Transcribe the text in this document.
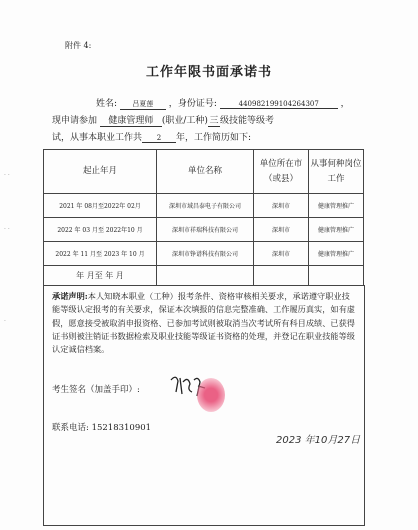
· ·
· ·
·
附件 4:
工作年限书面承诺书
姓名: 吕夏莲 ，身份证号:	440982199104264307 ，
现申请参加 健康管理师 (职业/工种)三 级技能等级考
试，从事本职业工作共 2 年，工作简历如下:
起止年月	单位名称	单位所在市（或县）	从事何种岗位工作
2021 年 08月至2022年 02月	深圳市域昌泰电子有限公司	深圳市	健康管理推广
2022 年 03 月至 2022年10 月	深圳市祥瑞科技有限公司	深圳市	健康管理推广
2022 年 11 月至 2023 年 10 月	深圳市铮谱科技有限公司	深圳市	健康管理推广
年 月至 年 月			
承诺声明:本人知晓本职业（工种）报考条件、资格审核相关要求，承诺遵守职业技能等级认定报考的有关要求，保证本次填报的信息完整准确、工作履历真实，如有虚假，愿意接受被取消申报资格、已参加考试则被取消当次考试所有科目成绩、已获得证书则被注销证书数据检索及职业技能等级证书资格的处理，并登记在职业技能等级认定诚信档案。
考生签名（加盖手印）:
联系电话: 15218310901
2023 年10月27日
